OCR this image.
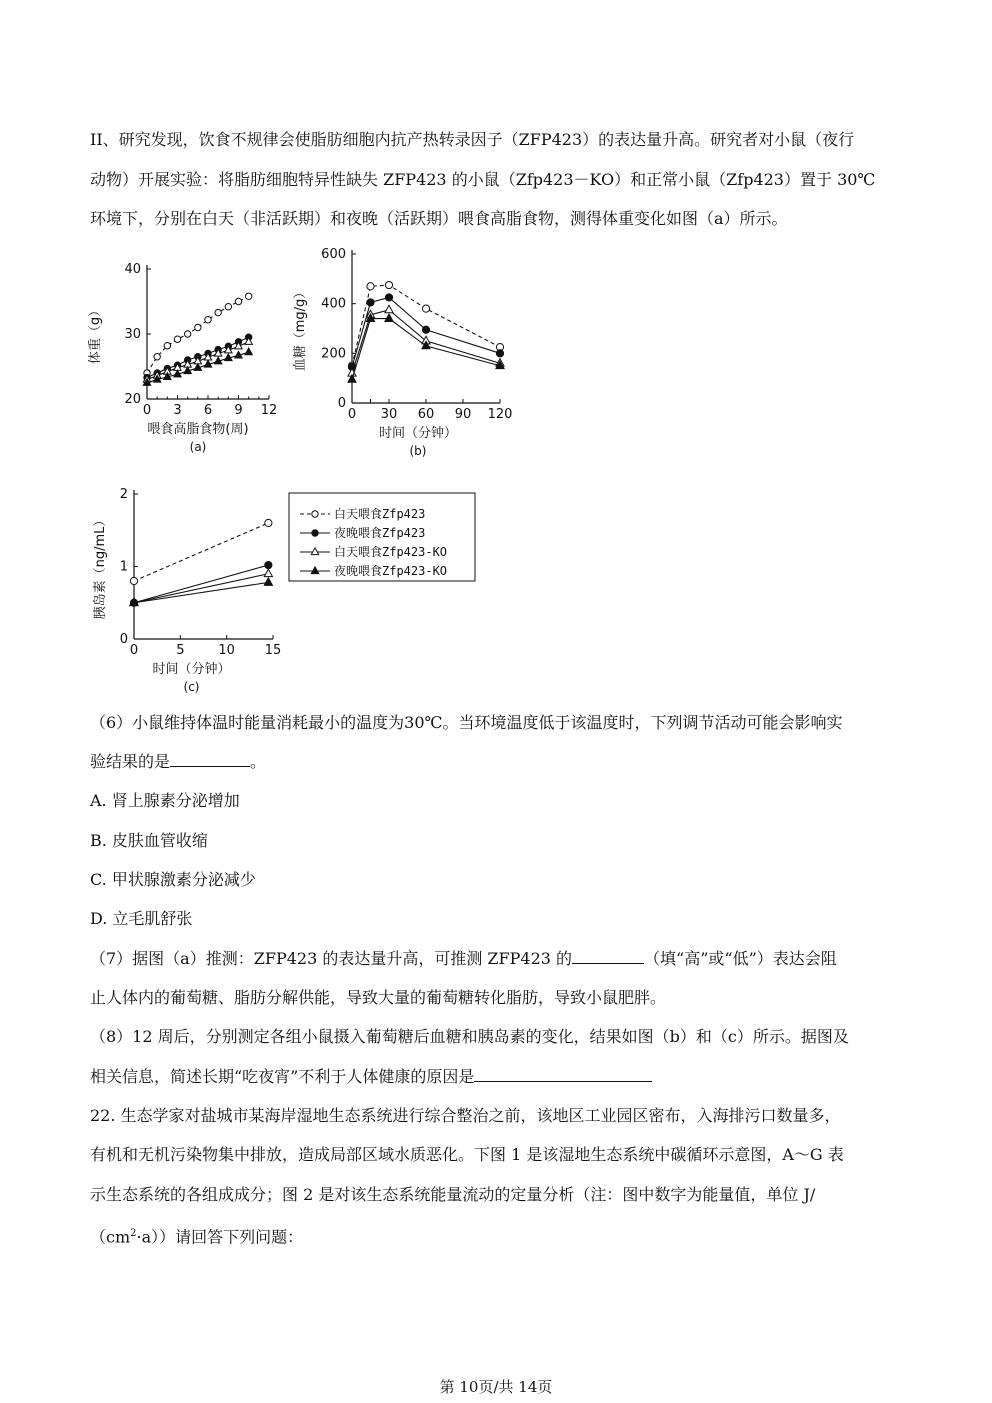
II、研究发现，饮食不规律会使脂肪细胞内抗产热转录因子（ZFP423）的表达量升高。研究者对小鼠（夜行
动物）开展实验：将脂肪细胞特异性缺失 ZFP423 的小鼠（Zfp423－KO）和正常小鼠（Zfp423）置于 30℃
环境下，分别在白天（非活跃期）和夜晚（活跃期）喂食高脂食物，测得体重变化如图（a）所示。
20
30
40
0 3 6 9 12
体重（g）
喂食高脂食物(周)
(a)
0
200
400
600
0 30 60 90 120
血糖（mg/g）
时间（分钟）
(b)
0
1
2
0	5	10 15
胰岛素（ng/mL）
时间（分钟）
(c)
白天喂食Zfp423
夜晚喂食Zfp423
白天喂食Zfp423-KO
夜晚喂食Zfp423-KO
（6）小鼠维持体温时能量消耗最小的温度为30℃。当环境温度低于该温度时，下列调节活动可能会影响实
验结果的是	。
A. 肾上腺素分泌增加
B. 皮肤血管收缩
C. 甲状腺激素分泌减少
D. 立毛肌舒张
（7）据图（a）推测：ZFP423 的表达量升高，可推测 ZFP423 的	（填“高”或“低”）表达会阻
止人体内的葡萄糖、脂肪分解供能，导致大量的葡萄糖转化脂肪，导致小鼠肥胖。
（8）12 周后，分别测定各组小鼠摄入葡萄糖后血糖和胰岛素的变化，结果如图（b）和（c）所示。据图及
相关信息，简述长期“吃夜宵”不利于人体健康的原因是
22. 生态学家对盐城市某海岸湿地生态系统进行综合整治之前，该地区工业园区密布，入海排污口数量多，
有机和无机污染物集中排放，造成局部区域水质恶化。下图 1 是该湿地生态系统中碳循环示意图，A～G 表
示生态系统的各组成成分；图 2 是对该生态系统能量流动的定量分析（注：图中数字为能量值，单位 J/
$(cm^2\cdot a)$）请回答下列问题：
第 10页/共 14页
